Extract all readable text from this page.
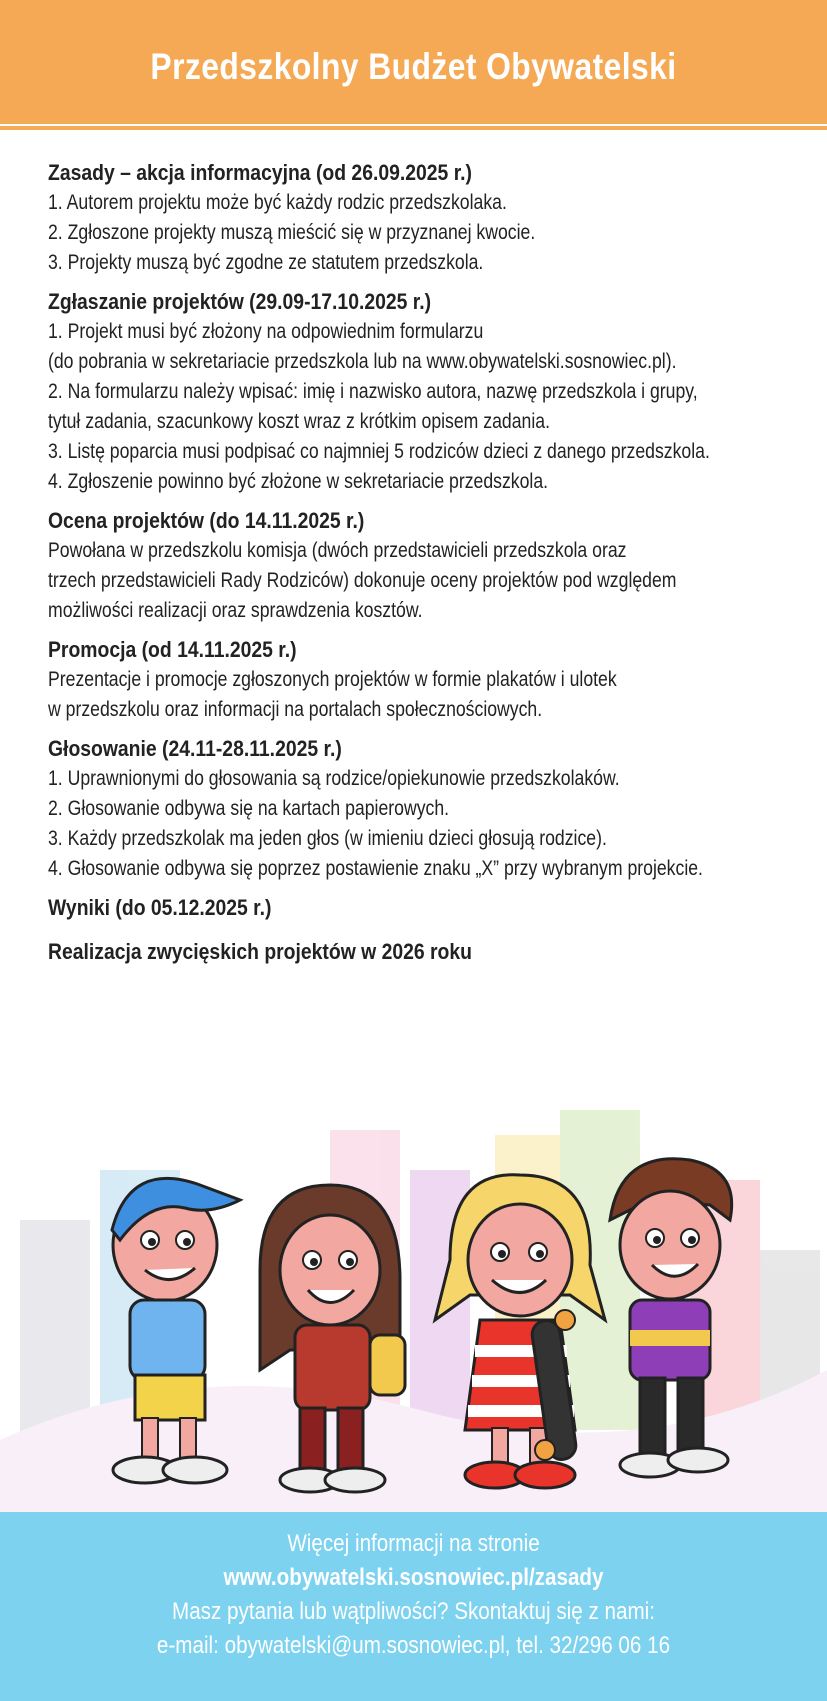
Przedszkolny Budżet Obywatelski
Zasady – akcja informacyjna (od 26.09.2025 r.)
1. Autorem projektu może być każdy rodzic przedszkolaka.
2. Zgłoszone projekty muszą mieścić się w przyznanej kwocie.
3. Projekty muszą być zgodne ze statutem przedszkola.
Zgłaszanie projektów (29.09-17.10.2025 r.)
1. Projekt musi być złożony na odpowiednim formularzu
(do pobrania w sekretariacie przedszkola lub na www.obywatelski.sosnowiec.pl).
2. Na formularzu należy wpisać: imię i nazwisko autora, nazwę przedszkola i grupy,
tytuł zadania, szacunkowy koszt wraz z krótkim opisem zadania.
3. Listę poparcia musi podpisać co najmniej 5 rodziców dzieci z danego przedszkola.
4. Zgłoszenie powinno być złożone w sekretariacie przedszkola.
Ocena projektów (do 14.11.2025 r.)
Powołana w przedszkolu komisja (dwóch przedstawicieli przedszkola oraz
trzech przedstawicieli Rady Rodziców) dokonuje oceny projektów pod względem
możliwości realizacji oraz sprawdzenia kosztów.
Promocja (od 14.11.2025 r.)
Prezentacje i promocje zgłoszonych projektów w formie plakatów i ulotek
w przedszkolu oraz informacji na portalach społecznościowych.
Głosowanie (24.11-28.11.2025 r.)
1. Uprawnionymi do głosowania są rodzice/opiekunowie przedszkolaków.
2. Głosowanie odbywa się na kartach papierowych.
3. Każdy przedszkolak ma jeden głos (w imieniu dzieci głosują rodzice).
4. Głosowanie odbywa się poprzez postawienie znaku „X” przy wybranym projekcie.
Wyniki (do 05.12.2025 r.)
Realizacja zwycięskich projektów w 2026 roku
Więcej informacji na stronie
www.obywatelski.sosnowiec.pl/zasady
Masz pytania lub wątpliwości? Skontaktuj się z nami:
e-mail: obywatelski@um.sosnowiec.pl, tel. 32/296 06 16
